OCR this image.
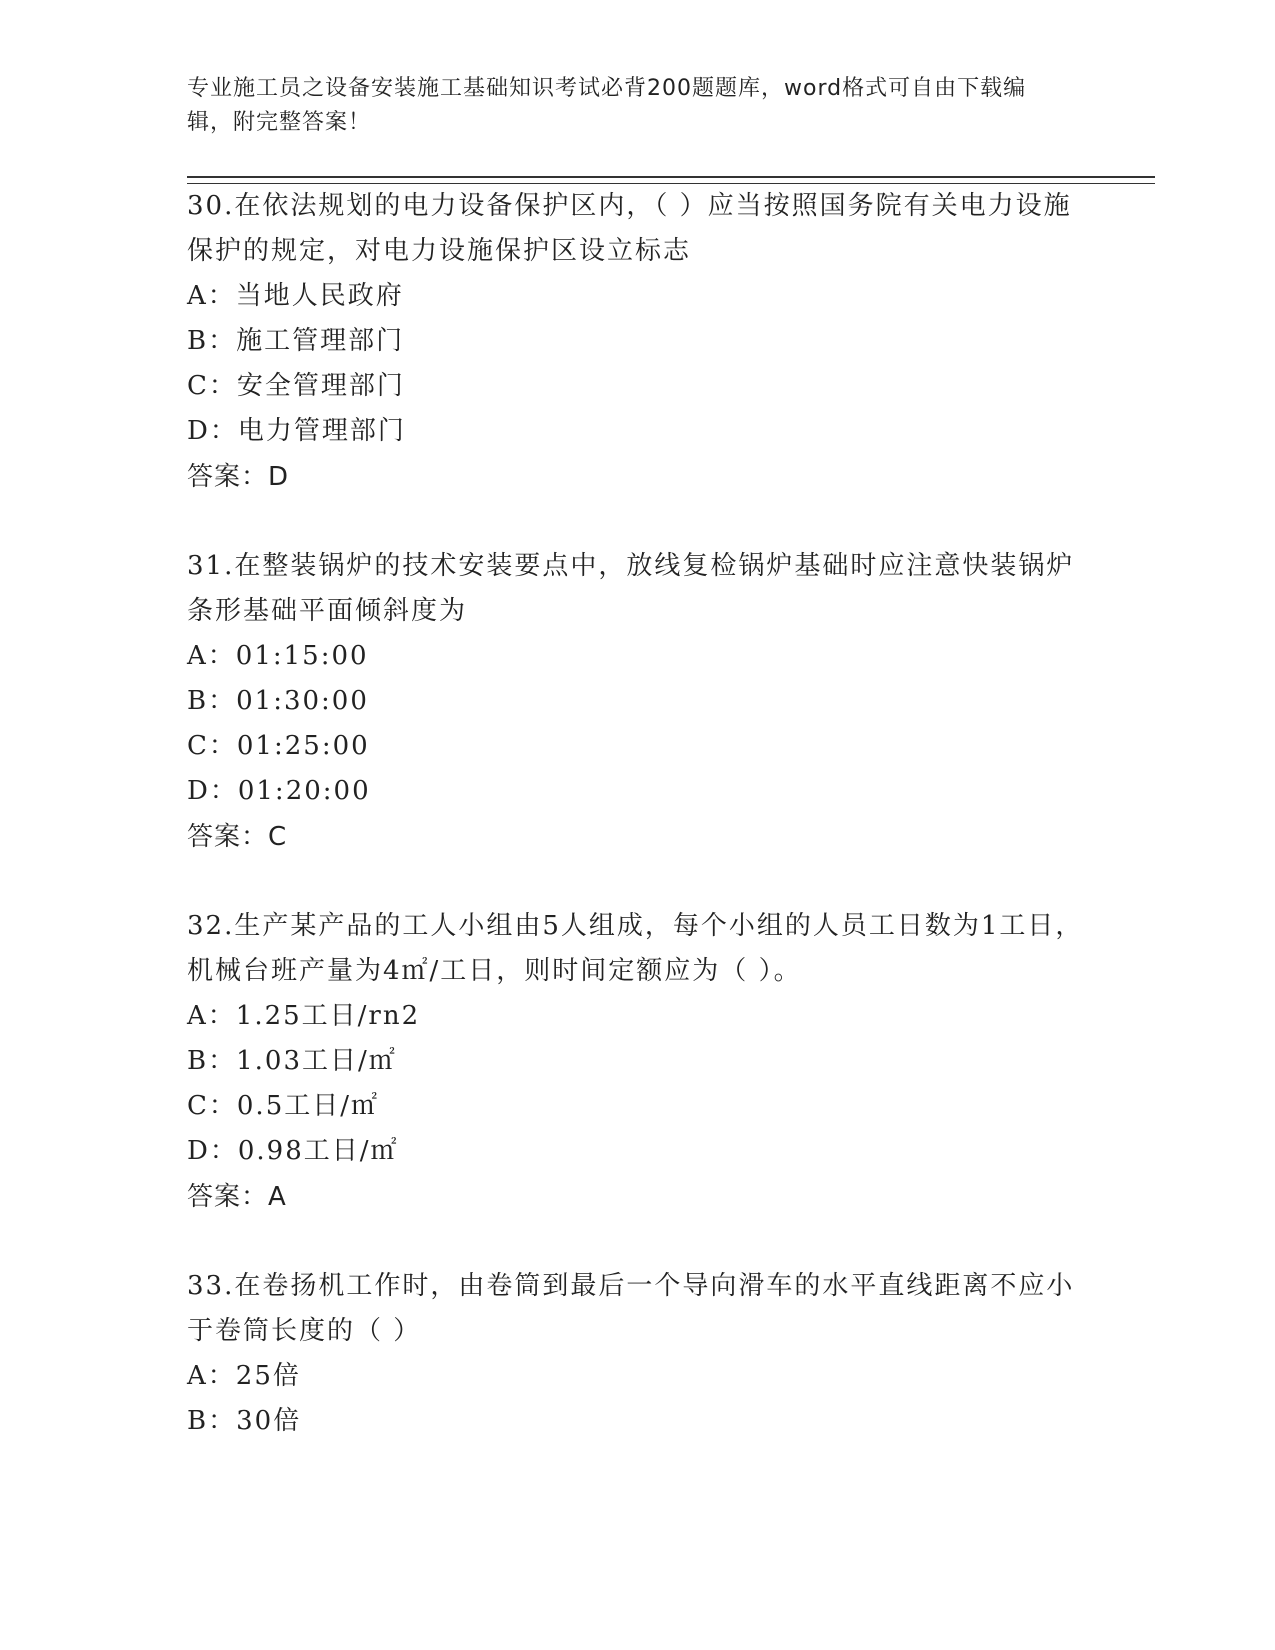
专业施工员之设备安装施工基础知识考试必背200题题库，word格式可自由下载编辑，附完整答案！
30.在依法规划的电力设备保护区内，（ ）应当按照国务院有关电力设施保护的规定，对电力设施保护区设立标志
A：当地人民政府
B：施工管理部门
C：安全管理部门
D：电力管理部门
答案：D
31.在整装锅炉的技术安装要点中，放线复检锅炉基础时应注意快装锅炉条形基础平面倾斜度为
A：01:15:00
B：01:30:00
C：01:25:00
D：01:20:00
答案：C
32.生产某产品的工人小组由5人组成，每个小组的人员工日数为1工日，机械台班产量为4㎡/工日，则时间定额应为（ ）。
A：1.25工日/rn2
B：1.03工日/㎡
C：0.5工日/㎡
D：0.98工日/㎡
答案：A
33.在卷扬机工作时，由卷筒到最后一个导向滑车的水平直线距离不应小于卷筒长度的（ ）
A：25倍
B：30倍
